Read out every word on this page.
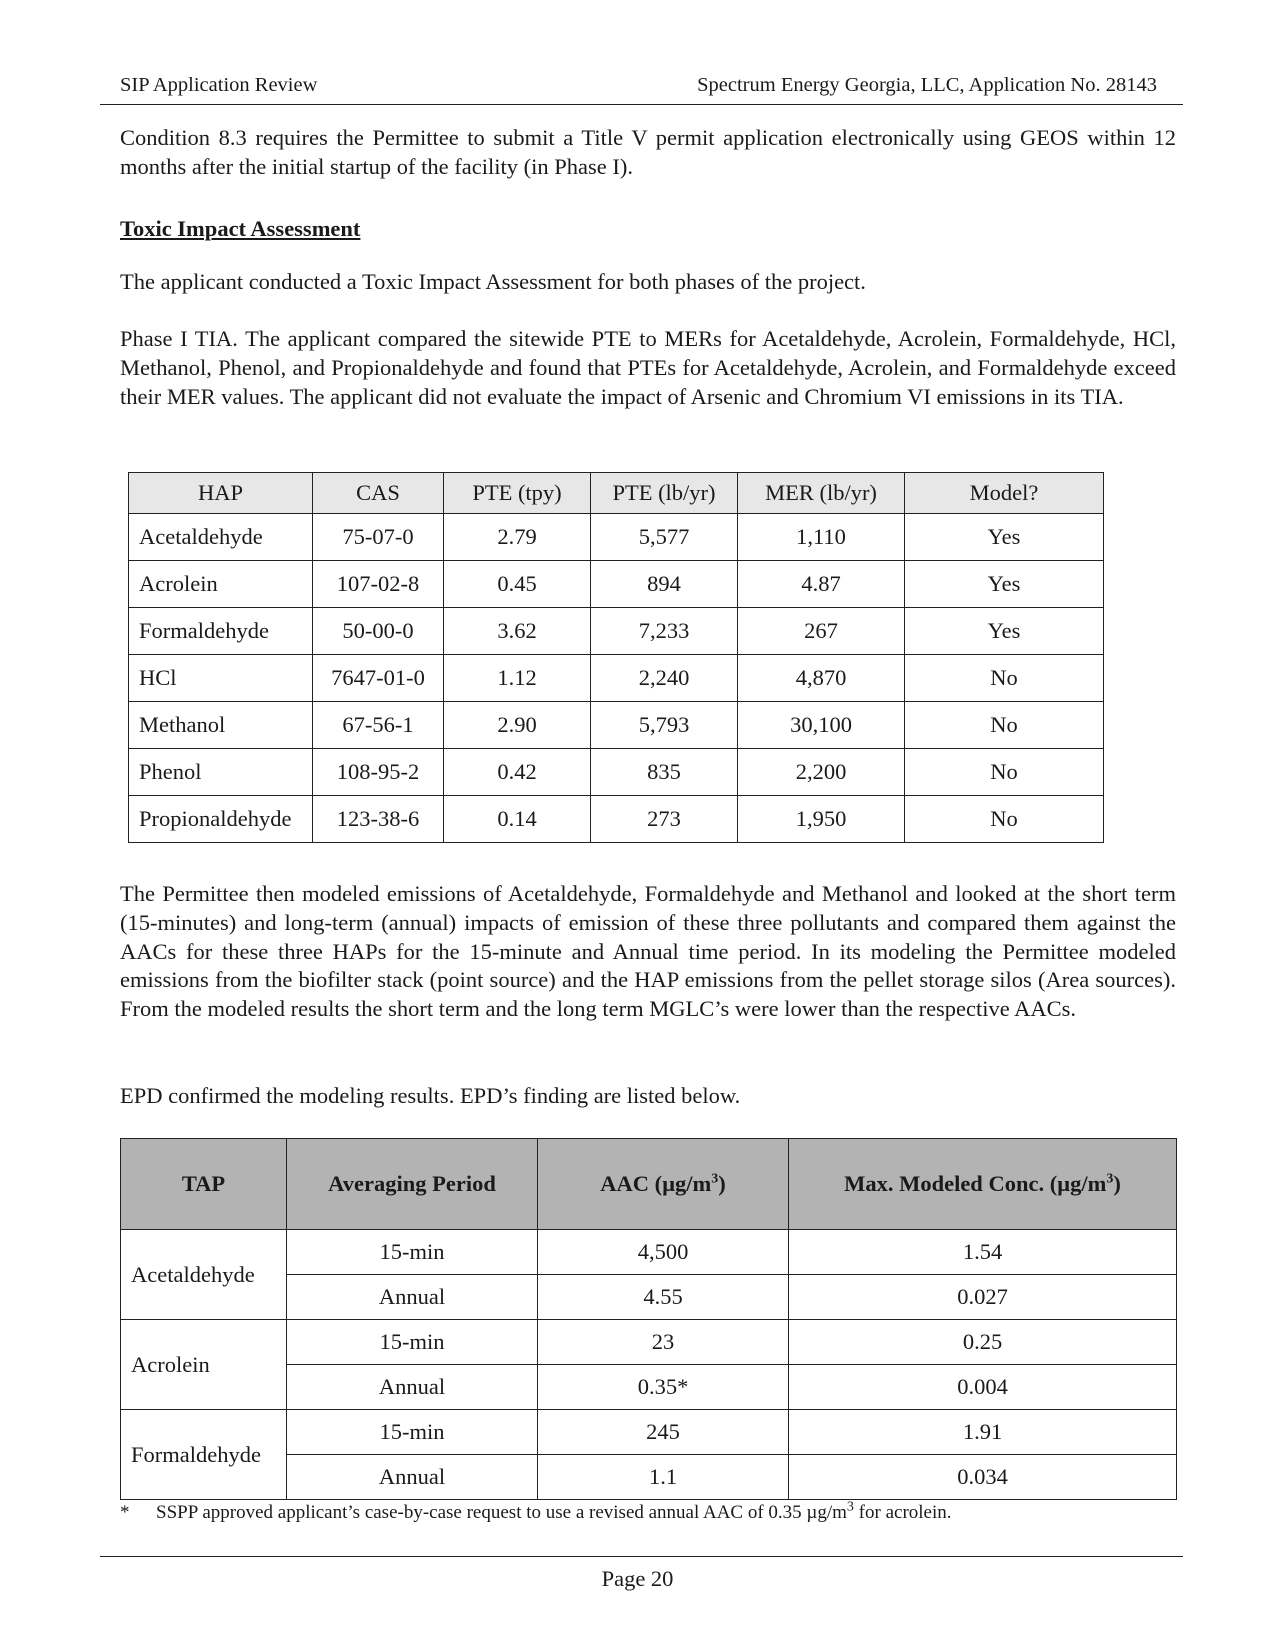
SIP Application Review	Spectrum Energy Georgia, LLC, Application No. 28143
Condition 8.3 requires the Permittee to submit a Title V permit application electronically using GEOS within 12 months after the initial startup of the facility (in Phase I).
Toxic Impact Assessment
The applicant conducted a Toxic Impact Assessment for both phases of the project.
Phase I TIA. The applicant compared the sitewide PTE to MERs for Acetaldehyde, Acrolein, Formaldehyde, HCl, Methanol, Phenol, and Propionaldehyde and found that PTEs for Acetaldehyde, Acrolein, and Formaldehyde exceed their MER values. The applicant did not evaluate the impact of Arsenic and Chromium VI emissions in its TIA.
HAP	CAS	PTE (tpy)	PTE (lb/yr)	MER (lb/yr)	Model?
Acetaldehyde	75-07-0	2.79	5,577	1,110	Yes
Acrolein	107-02-8	0.45	894	4.87	Yes
Formaldehyde	50-00-0	3.62	7,233	267	Yes
HCl	7647-01-0	1.12	2,240	4,870	No
Methanol	67-56-1	2.90	5,793	30,100	No
Phenol	108-95-2	0.42	835	2,200	No
Propionaldehyde	123-38-6	0.14	273	1,950	No
The Permittee then modeled emissions of Acetaldehyde, Formaldehyde and Methanol and looked at the short term (15-minutes) and long-term (annual) impacts of emission of these three pollutants and compared them against the AACs for these three HAPs for the 15-minute and Annual time period. In its modeling the Permittee modeled emissions from the biofilter stack (point source) and the HAP emissions from the pellet storage silos (Area sources). From the modeled results the short term and the long term MGLC’s were lower than the respective AACs.
EPD confirmed the modeling results. EPD’s finding are listed below.
TAP	Averaging Period	AAC $(\mu g/m^3)$	Max. Modeled Conc. $(\mu g/m^3)$
Acetaldehyde	15-min	4,500	1.54
	Annual	4.55	0.027
Acrolein	15-min	23	0.25
	Annual	0.35*	0.004
Formaldehyde	15-min	245	1.91
	Annual	1.1	0.034
* SSPP approved applicant’s case-by-case request to use a revised annual AAC of 0.35 $\mu g/m^3$ for acrolein.
Page 20
